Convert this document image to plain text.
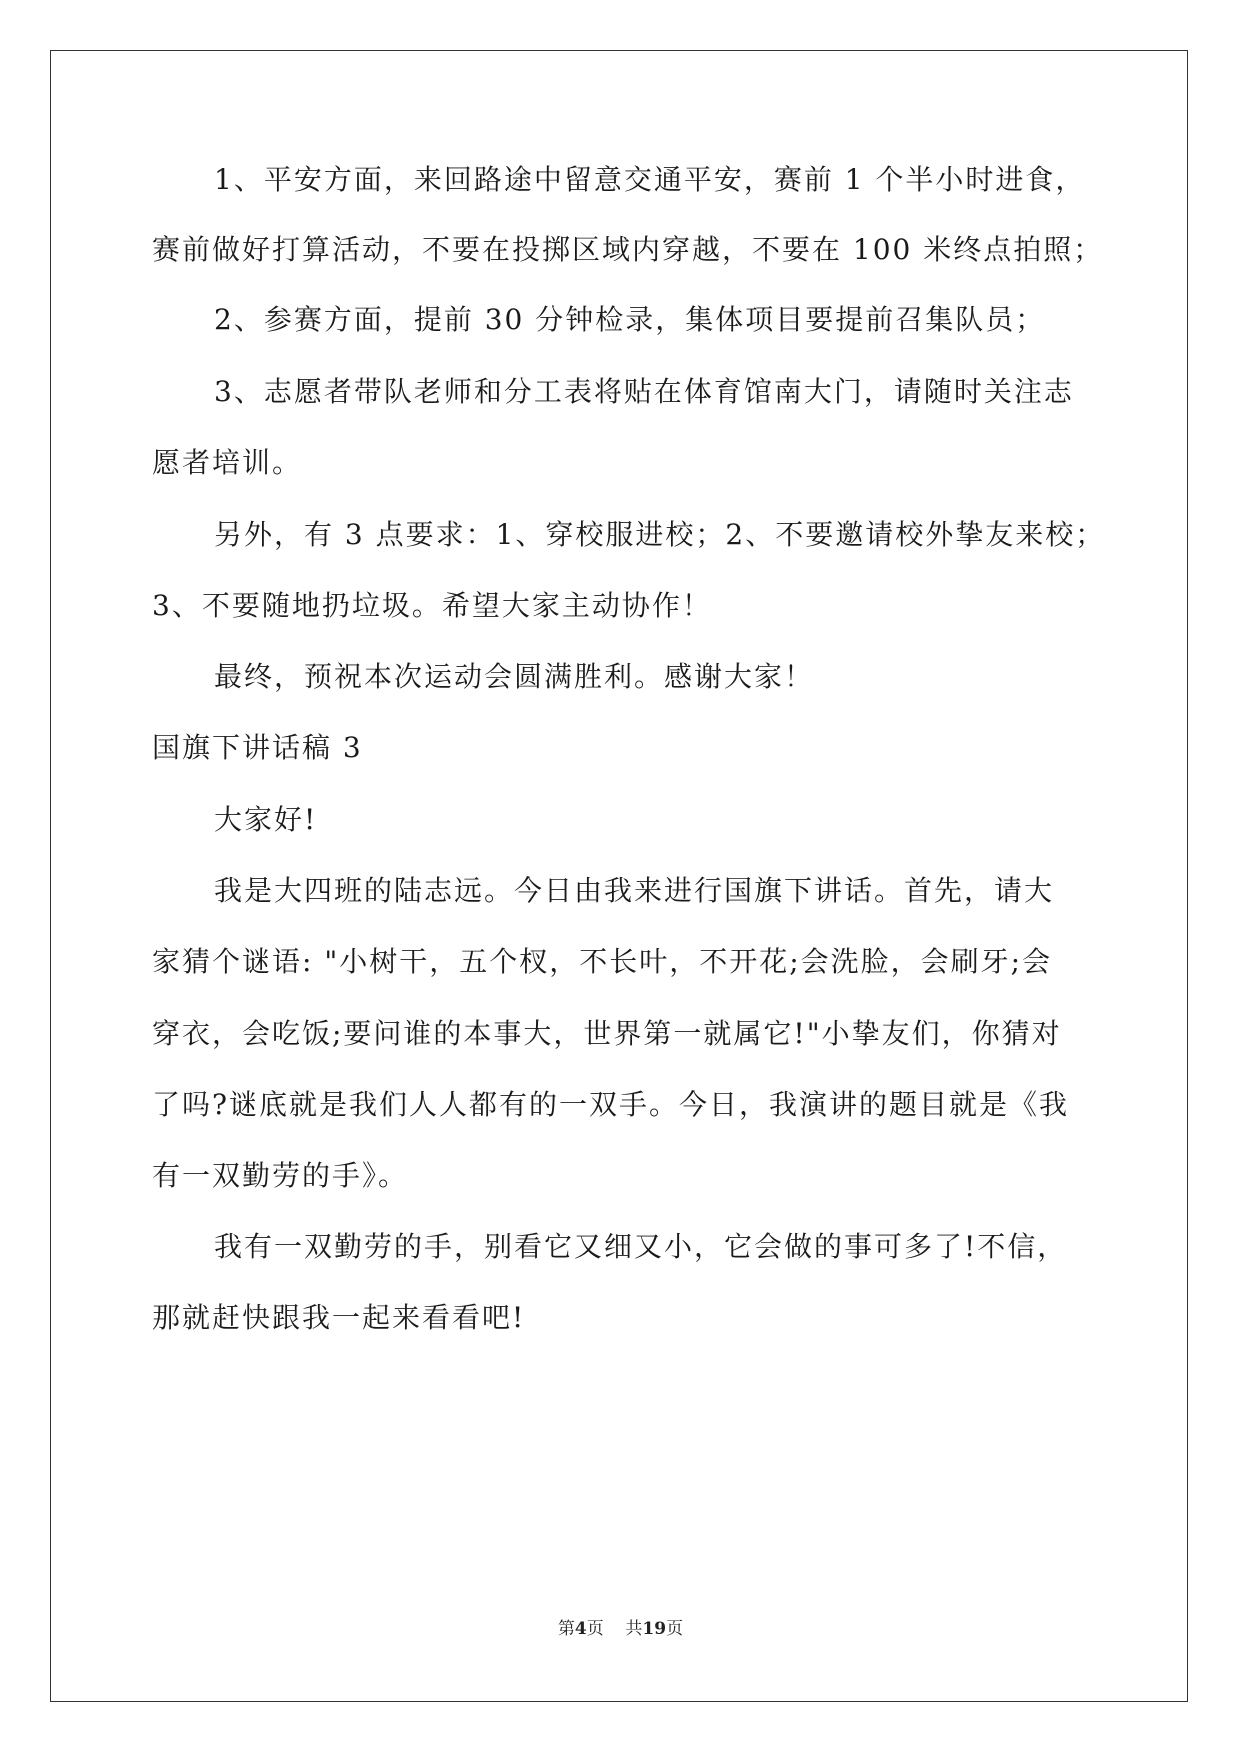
1、平安方面，来回路途中留意交通平安，赛前 1 个半小时进食，
赛前做好打算活动，不要在投掷区域内穿越，不要在 100 米终点拍照；
2、参赛方面，提前 30 分钟检录，集体项目要提前召集队员；
3、志愿者带队老师和分工表将贴在体育馆南大门，请随时关注志
愿者培训。
另外，有 3 点要求：1、穿校服进校；2、不要邀请校外挚友来校；
3、不要随地扔垃圾。希望大家主动协作！
最终，预祝本次运动会圆满胜利。感谢大家！
国旗下讲话稿 3
大家好!
我是大四班的陆志远。今日由我来进行国旗下讲话。首先，请大
家猜个谜语: "小树干，五个杈，不长叶，不开花;会洗脸，会刷牙;会
穿衣，会吃饭;要问谁的本事大，世界第一就属它!"小挚友们，你猜对
了吗?谜底就是我们人人都有的一双手。今日，我演讲的题目就是《我
有一双勤劳的手》。
我有一双勤劳的手，别看它又细又小，它会做的事可多了!不信，
那就赶快跟我一起来看看吧!
第4页 共19页
